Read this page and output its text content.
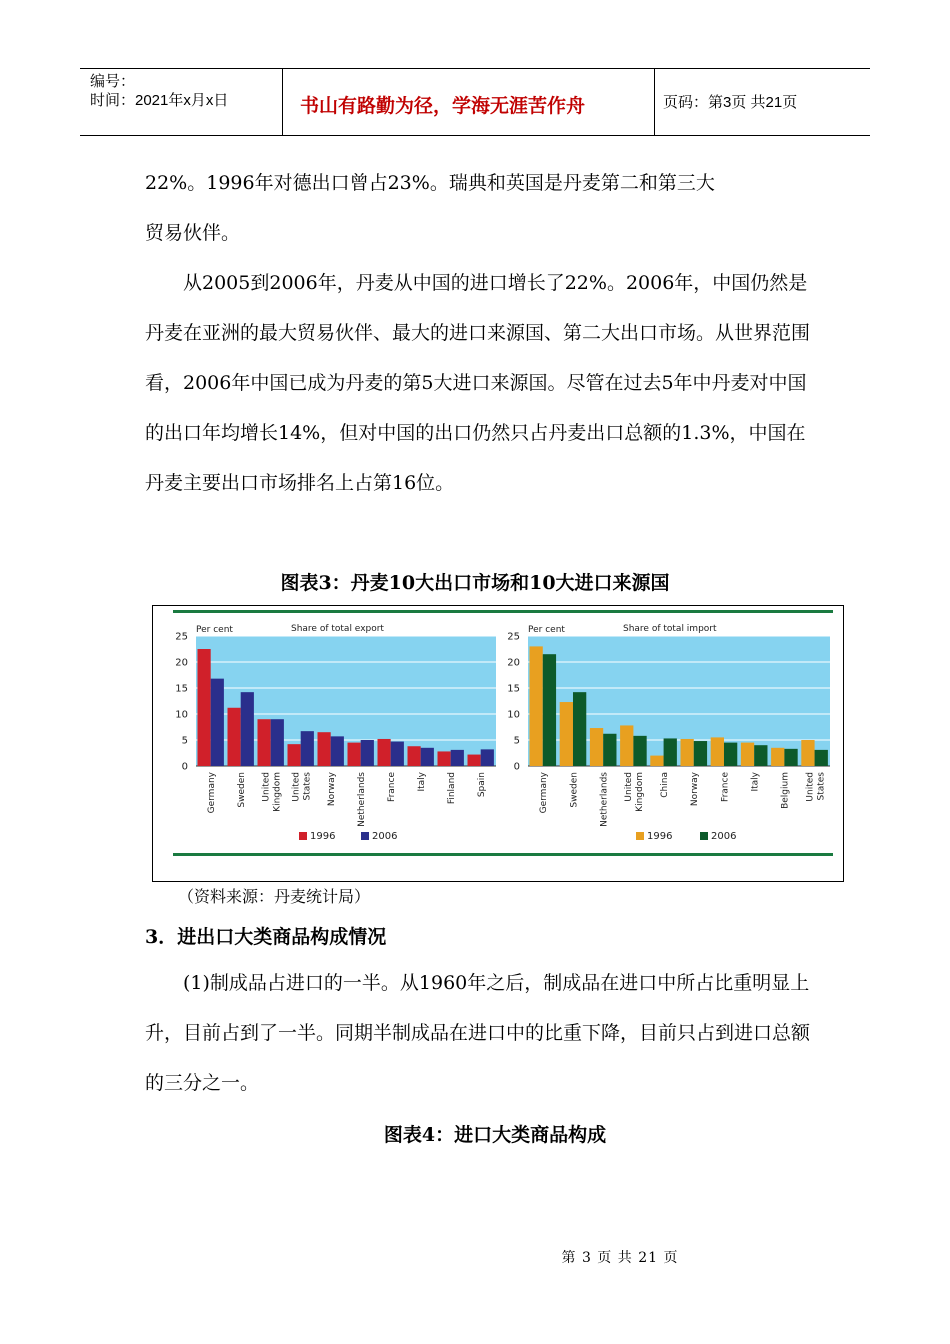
编号：
时间：2021年x月x日	书山有路勤为径，学海无涯苦作舟	页码：第3页 共21页

22%。1996年对德出口曾占23%。瑞典和英国是丹麦第二和第三大

贸易伙伴。

从2005到2006年，丹麦从中国的进口增长了22%。2006年，中国仍然是丹麦在亚洲的最大贸易伙伴、最大的进口来源国、第二大出口市场。从世界范围看，2006年中国已成为丹麦的第5大进口来源国。尽管在过去5年中丹麦对中国的出口年均增长14%，但对中国的出口仍然只占丹麦出口总额的1.3%，中国在丹麦主要出口市场排名上占第16位。

图表3：丹麦10大出口市场和10大进口来源国
0
5
10
15
20
25
Per cent	Share of total export
Germany Sweden United Kingdom United States Norway Netherlands France Italy Finland Spain
1996	2006
0
5
10
15
20
25
Per cent	Share of total import
Germany Sweden Netherlands United Kingdom China Norway France Italy Belgium United States
1996	2006
（资料来源：丹麦统计局）
3．进出口大类商品构成情况

(1)制成品占进口的一半。从1960年之后，制成品在进口中所占比重明显上升，目前占到了一半。同期半制成品在进口中的比重下降，目前只占到进口总额的三分之一。

图表4：进口大类商品构成
第 3 页 共 21 页
